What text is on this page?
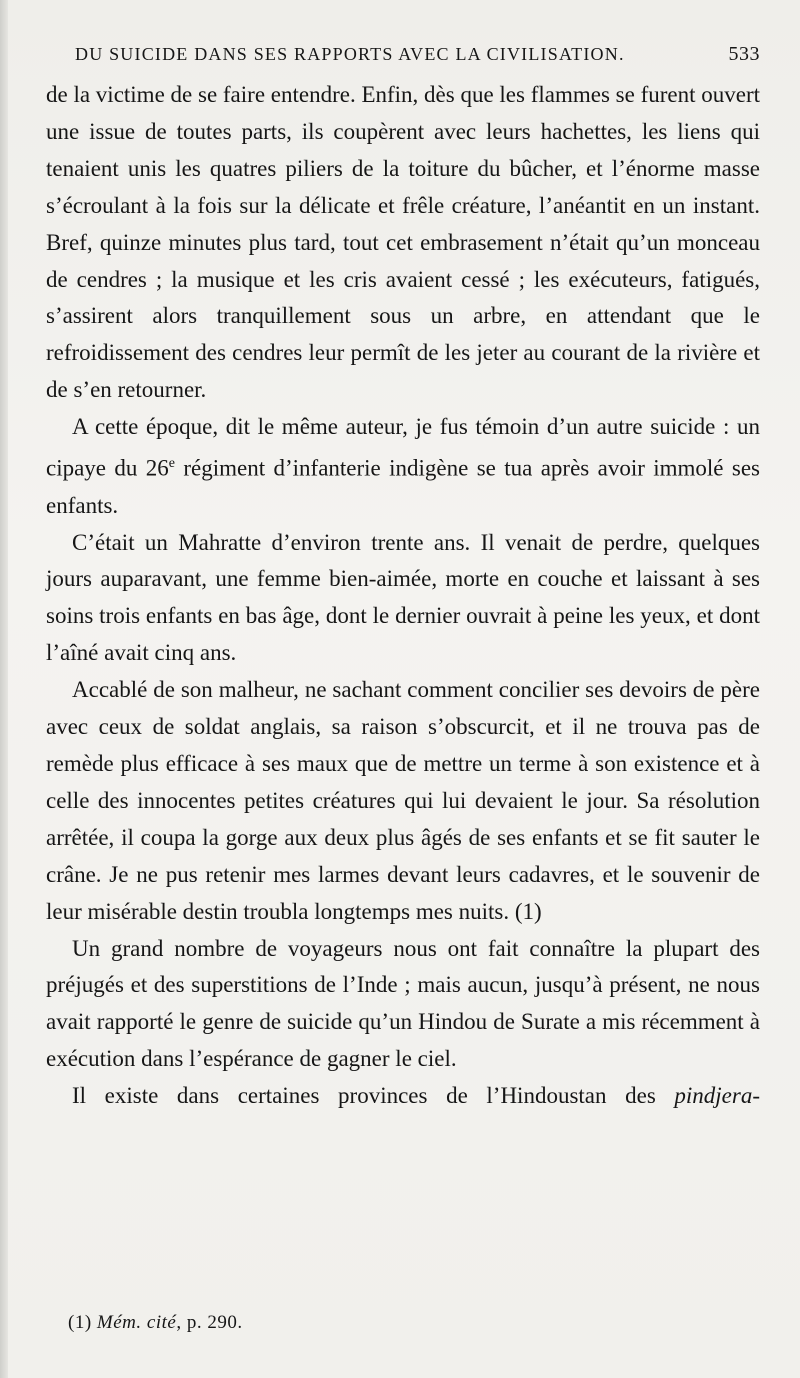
DU SUICIDE DANS SES RAPPORTS AVEC LA CIVILISATION.	533

de la victime de se faire entendre. Enfin, dès que les flammes se furent ouvert une issue de toutes parts, ils coupèrent avec leurs hachettes, les liens qui tenaient unis les quatres piliers de la toiture du bûcher, et l’énorme masse s’écroulant à la fois sur la délicate et frêle créature, l’anéantit en un instant. Bref, quinze minutes plus tard, tout cet embrasement n’était qu’un monceau de cendres ; la musique et les cris avaient cessé ; les exécuteurs, fatigués, s’assirent alors tranquillement sous un arbre, en attendant que le refroidissement des cendres leur permît de les jeter au courant de la rivière et de s’en retourner.

A cette époque, dit le même auteur, je fus témoin d’un autre suicide : un cipaye du 26e régiment d’infanterie indigène se tua après avoir immolé ses enfants.

C’était un Mahratte d’environ trente ans. Il venait de perdre, quelques jours auparavant, une femme bien-aimée, morte en couche et laissant à ses soins trois enfants en bas âge, dont le dernier ouvrait à peine les yeux, et dont l’aîné avait cinq ans.

Accablé de son malheur, ne sachant comment concilier ses devoirs de père avec ceux de soldat anglais, sa raison s’obscurcit, et il ne trouva pas de remède plus efficace à ses maux que de mettre un terme à son existence et à celle des innocentes petites créatures qui lui devaient le jour. Sa résolution arrêtée, il coupa la gorge aux deux plus âgés de ses enfants et se fit sauter le crâne. Je ne pus retenir mes larmes devant leurs cadavres, et le souvenir de leur misérable destin troubla longtemps mes nuits. (1)

Un grand nombre de voyageurs nous ont fait connaître la plupart des préjugés et des superstitions de l’Inde ; mais aucun, jusqu’à présent, ne nous avait rapporté le genre de suicide qu’un Hindou de Surate a mis récemment à exécution dans l’espérance de gagner le ciel.

Il existe dans certaines provinces de l’Hindoustan des pindjera-

(1) Mém. cité, p. 290.
